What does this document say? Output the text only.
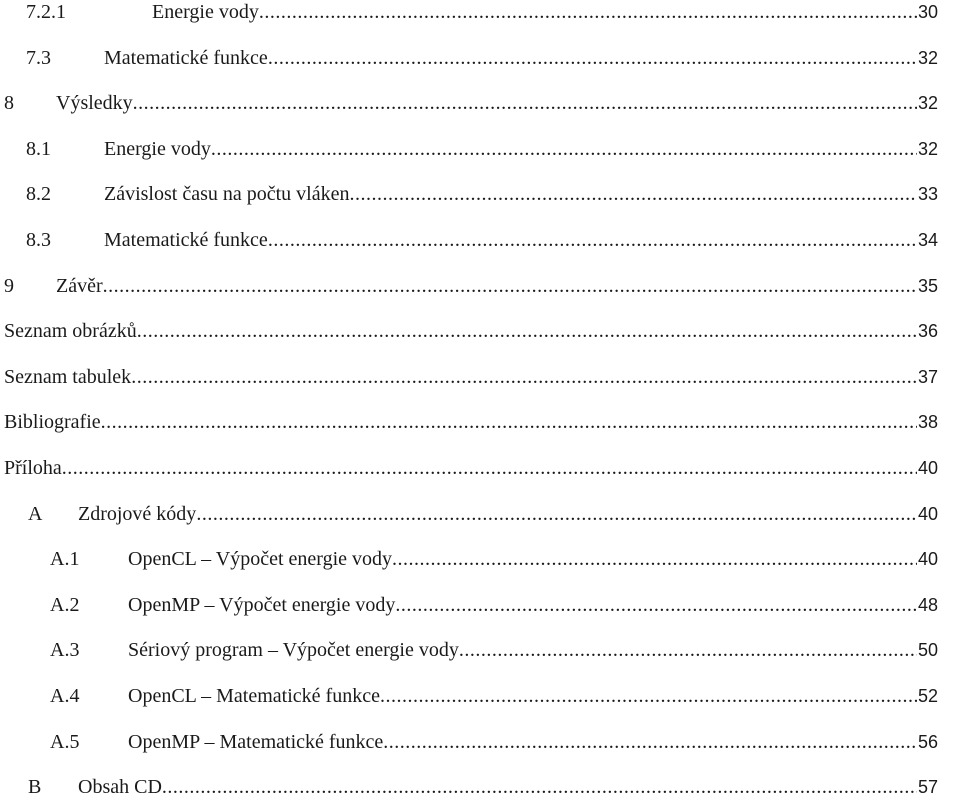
7.2.1	Energie vody .....	30
7.3	Matematické funkce .....	32
8 Výsledky .....	32
8.1	Energie vody .....	32
8.2	Závislost času na počtu vláken .....	33
8.3	Matematické funkce .....	34
9 Závěr .....	35
Seznam obrázků .....	36
Seznam tabulek .....	37
Bibliografie .....	38
Příloha .....	40
A Zdrojové kódy .....	40
A.1 OpenCL – Výpočet energie vody .....	40
A.2 OpenMP – Výpočet energie vody .....	48
A.3 Sériový program – Výpočet energie vody .....	50
A.4 OpenCL – Matematické funkce .....	52
A.5 OpenMP – Matematické funkce .....	56
B Obsah CD .....	57
